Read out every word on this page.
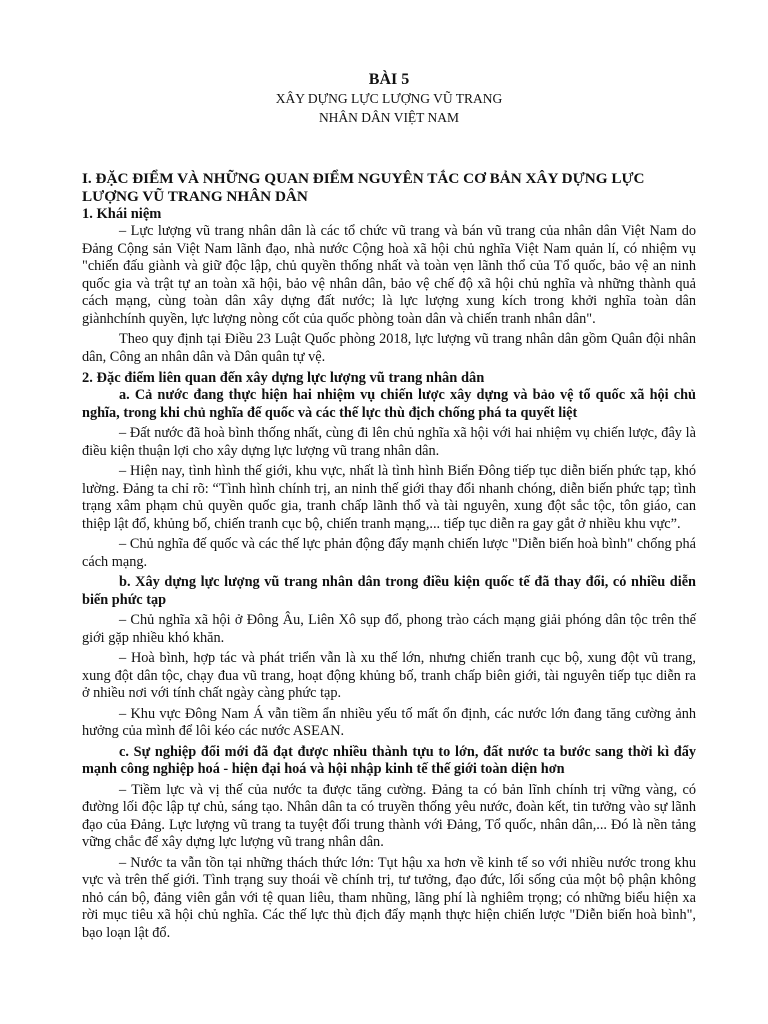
BÀI 5

XÂY DỰNG LỰC LƯỢNG VŨ TRANG

NHÂN DÂN VIỆT NAM

I. ĐẶC ĐIỂM VÀ NHỮNG QUAN ĐIỂM NGUYÊN TẮC CƠ BẢN XÂY DỰNG LỰC LƯỢNG VŨ TRANG NHÂN DÂN

1. Khái niệm

– Lực lượng vũ trang nhân dân là các tổ chức vũ trang và bán vũ trang của nhân dân Việt Nam do Đảng Cộng sản Việt Nam lãnh đạo, nhà nước Cộng hoà xã hội chủ nghĩa Việt Nam quản lí, có nhiệm vụ "chiến đấu giành và giữ độc lập, chủ quyền thống nhất và toàn vẹn lãnh thổ của Tổ quốc, bảo vệ an ninh quốc gia và trật tự an toàn xã hội, bảo vệ nhân dân, bảo vệ chế độ xã hội chủ nghĩa và những thành quả cách mạng, cùng toàn dân xây dựng đất nước; là lực lượng xung kích trong khởi nghĩa toàn dân giànhchính quyền, lực lượng nòng cốt của quốc phòng toàn dân và chiến tranh nhân dân".

Theo quy định tại Điều 23 Luật Quốc phòng 2018, lực lượng vũ trang nhân dân gồm Quân đội nhân dân, Công an nhân dân và Dân quân tự vệ.

2. Đặc điểm liên quan đến xây dựng lực lượng vũ trang nhân dân

a. Cả nước đang thực hiện hai nhiệm vụ chiến lược xây dựng và bảo vệ tổ quốc xã hội chủ nghĩa, trong khi chủ nghĩa đế quốc và các thế lực thù địch chống phá ta quyết liệt

– Đất nước đã hoà bình thống nhất, cùng đi lên chủ nghĩa xã hội với hai nhiệm vụ chiến lược, đây là điều kiện thuận lợi cho xây dựng lực lượng vũ trang nhân dân.

– Hiện nay, tình hình thế giới, khu vực, nhất là tình hình Biển Đông tiếp tục diễn biến phức tạp, khó lường. Đảng ta chỉ rõ: “Tình hình chính trị, an ninh thế giới thay đổi nhanh chóng, diễn biến phức tạp; tình trạng xâm phạm chủ quyền quốc gia, tranh chấp lãnh thổ và tài nguyên, xung đột sắc tộc, tôn giáo, can thiệp lật đổ, khủng bố, chiến tranh cục bộ, chiến tranh mạng,... tiếp tục diễn ra gay gắt ở nhiều khu vực”.

– Chủ nghĩa đế quốc và các thế lực phản động đẩy mạnh chiến lược "Diễn biến hoà bình" chống phá cách mạng.

b. Xây dựng lực lượng vũ trang nhân dân trong điều kiện quốc tế đã thay đổi, có nhiều diễn biến phức tạp

– Chủ nghĩa xã hội ở Đông Âu, Liên Xô sụp đổ, phong trào cách mạng giải phóng dân tộc trên thế giới gặp nhiều khó khăn.

– Hoà bình, hợp tác và phát triển vẫn là xu thế lớn, nhưng chiến tranh cục bộ, xung đột vũ trang, xung đột dân tộc, chạy đua vũ trang, hoạt động khủng bố, tranh chấp biên giới, tài nguyên tiếp tục diễn ra ở nhiều nơi với tính chất ngày càng phức tạp.

– Khu vực Đông Nam Á vẫn tiềm ẩn nhiều yếu tố mất ổn định, các nước lớn đang tăng cường ảnh hưởng của mình để lôi kéo các nước ASEAN.

c. Sự nghiệp đổi mới đã đạt được nhiều thành tựu to lớn, đất nước ta bước sang thời kì đẩy mạnh công nghiệp hoá - hiện đại hoá và hội nhập kinh tế thế giới toàn diện hơn

– Tiềm lực và vị thế của nước ta được tăng cường. Đảng ta có bản lĩnh chính trị vững vàng, có đường lối độc lập tự chủ, sáng tạo. Nhân dân ta có truyền thống yêu nước, đoàn kết, tin tưởng vào sự lãnh đạo của Đảng. Lực lượng vũ trang ta tuyệt đối trung thành với Đảng, Tổ quốc, nhân dân,... Đó là nền tảng vững chắc để xây dựng lực lượng vũ trang nhân dân.

– Nước ta vẫn tồn tại những thách thức lớn: Tụt hậu xa hơn về kinh tế so với nhiều nước trong khu vực và trên thế giới. Tình trạng suy thoái về chính trị, tư tưởng, đạo đức, lối sống của một bộ phận không nhỏ cán bộ, đảng viên gắn với tệ quan liêu, tham nhũng, lãng phí là nghiêm trọng; có những biểu hiện xa rời mục tiêu xã hội chủ nghĩa. Các thế lực thù địch đẩy mạnh thực hiện chiến lược "Diễn biến hoà bình", bạo loạn lật đổ.
